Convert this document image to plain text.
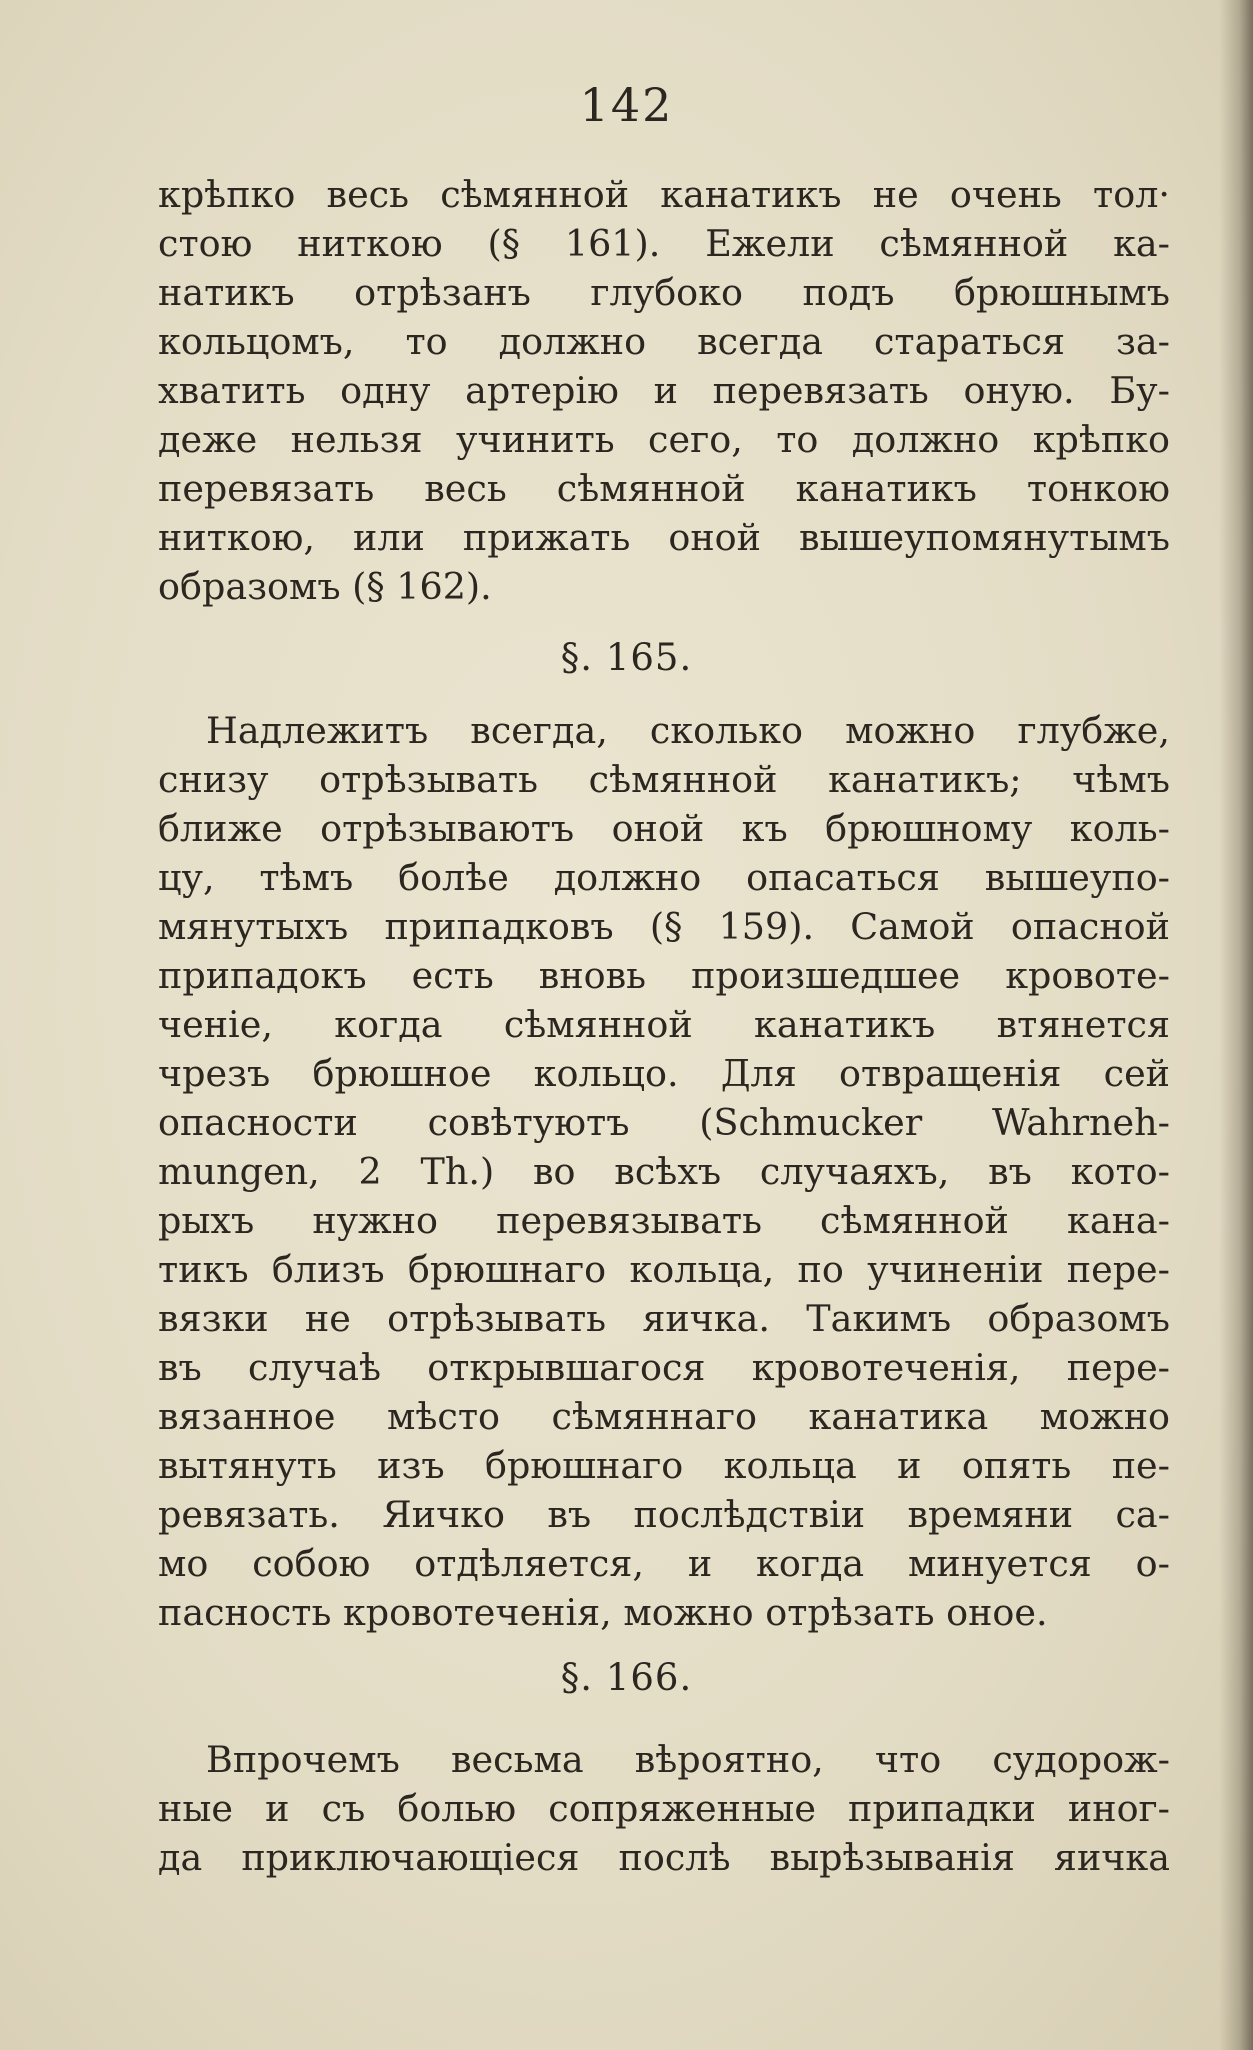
142
крѣпко весь сѣмянной канатикъ не очень тол·
стою ниткою (§ 161). Ежели сѣмянной ка-
натикъ отрѣзанъ глубоко подъ брюшнымъ
кольцомъ, то должно всегда стараться за-
хватить одну артерію и перевязать оную. Бу-
деже нельзя учинить сего, то должно крѣпко
перевязать весь сѣмянной канатикъ тонкою
ниткою, или прижать оной вышеупомянутымъ
образомъ (§ 162).
§. 165.
Надлежитъ всегда, сколько можно глубже,
снизу отрѣзывать сѣмянной канатикъ; чѣмъ
ближе отрѣзываютъ оной къ брюшному коль-
цу, тѣмъ болѣе должно опасаться вышеупо-
мянутыхъ припадковъ (§ 159). Самой опасной
припадокъ есть вновь произшедшее кровоте-
ченіе, когда сѣмянной канатикъ втянется
чрезъ брюшное кольцо. Для отвращенія сей
опасности совѣтуютъ (Schmucker Wahrneh-
mungen, 2 Th.) во всѣхъ случаяхъ, въ кото-
рыхъ нужно перевязывать сѣмянной кана-
тикъ близъ брюшнаго кольца, по учиненіи пере-
вязки не отрѣзывать яичка. Такимъ образомъ
въ случаѣ открывшагося кровотеченія, пере-
вязанное мѣсто сѣмяннаго канатика можно
вытянуть изъ брюшнаго кольца и опять пе-
ревязать. Яичко въ послѣдствіи времяни са-
мо собою отдѣляется, и когда минуется о-
пасность кровотеченія, можно отрѣзать оное.
§. 166.
Впрочемъ весьма вѣроятно, что судорож-
ные и съ болью сопряженные припадки иног-
да приключающіеся послѣ вырѣзыванія яичка
